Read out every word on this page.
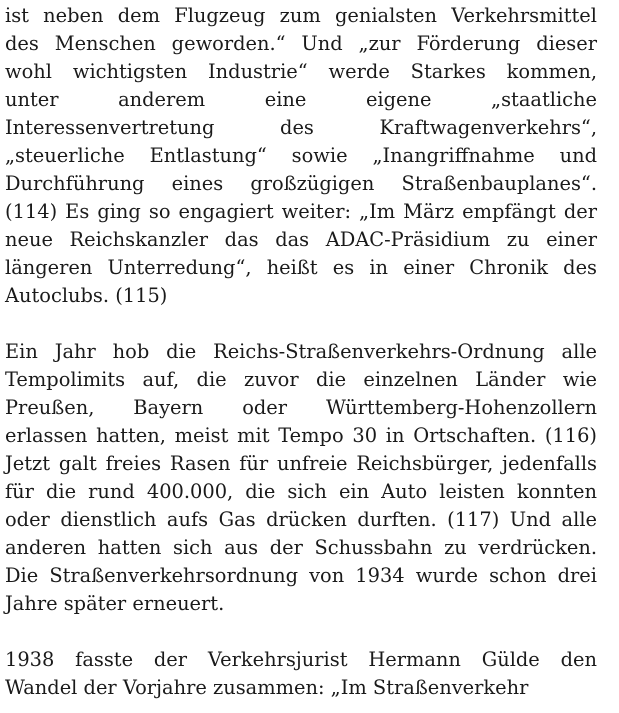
ist neben dem Flugzeug zum genialsten Verkehrsmittel
des Menschen geworden.“ Und „zur Förderung dieser
wohl wichtigsten Industrie“ werde Starkes kommen,
unter anderem eine eigene „staatliche
Interessenvertretung des Kraftwagenverkehrs“,
„steuerliche Entlastung“ sowie „Inangriffnahme und
Durchführung eines großzügigen Straßenbauplanes“.
(114) Es ging so engagiert weiter: „Im März empfängt der
neue Reichskanzler das das ADAC-Präsidium zu einer
längeren Unterredung“, heißt es in einer Chronik des
Autoclubs. (115)
Ein Jahr hob die Reichs-Straßenverkehrs-Ordnung alle
Tempolimits auf, die zuvor die einzelnen Länder wie
Preußen, Bayern oder Württemberg-Hohenzollern
erlassen hatten, meist mit Tempo 30 in Ortschaften. (116)
Jetzt galt freies Rasen für unfreie Reichsbürger, jedenfalls
für die rund 400.000, die sich ein Auto leisten konnten
oder dienstlich aufs Gas drücken durften. (117) Und alle
anderen hatten sich aus der Schussbahn zu verdrücken.
Die Straßenverkehrsordnung von 1934 wurde schon drei
Jahre später erneuert.
1938 fasste der Verkehrsjurist Hermann Gülde den
Wandel der Vorjahre zusammen: „Im Straßenverkehr
